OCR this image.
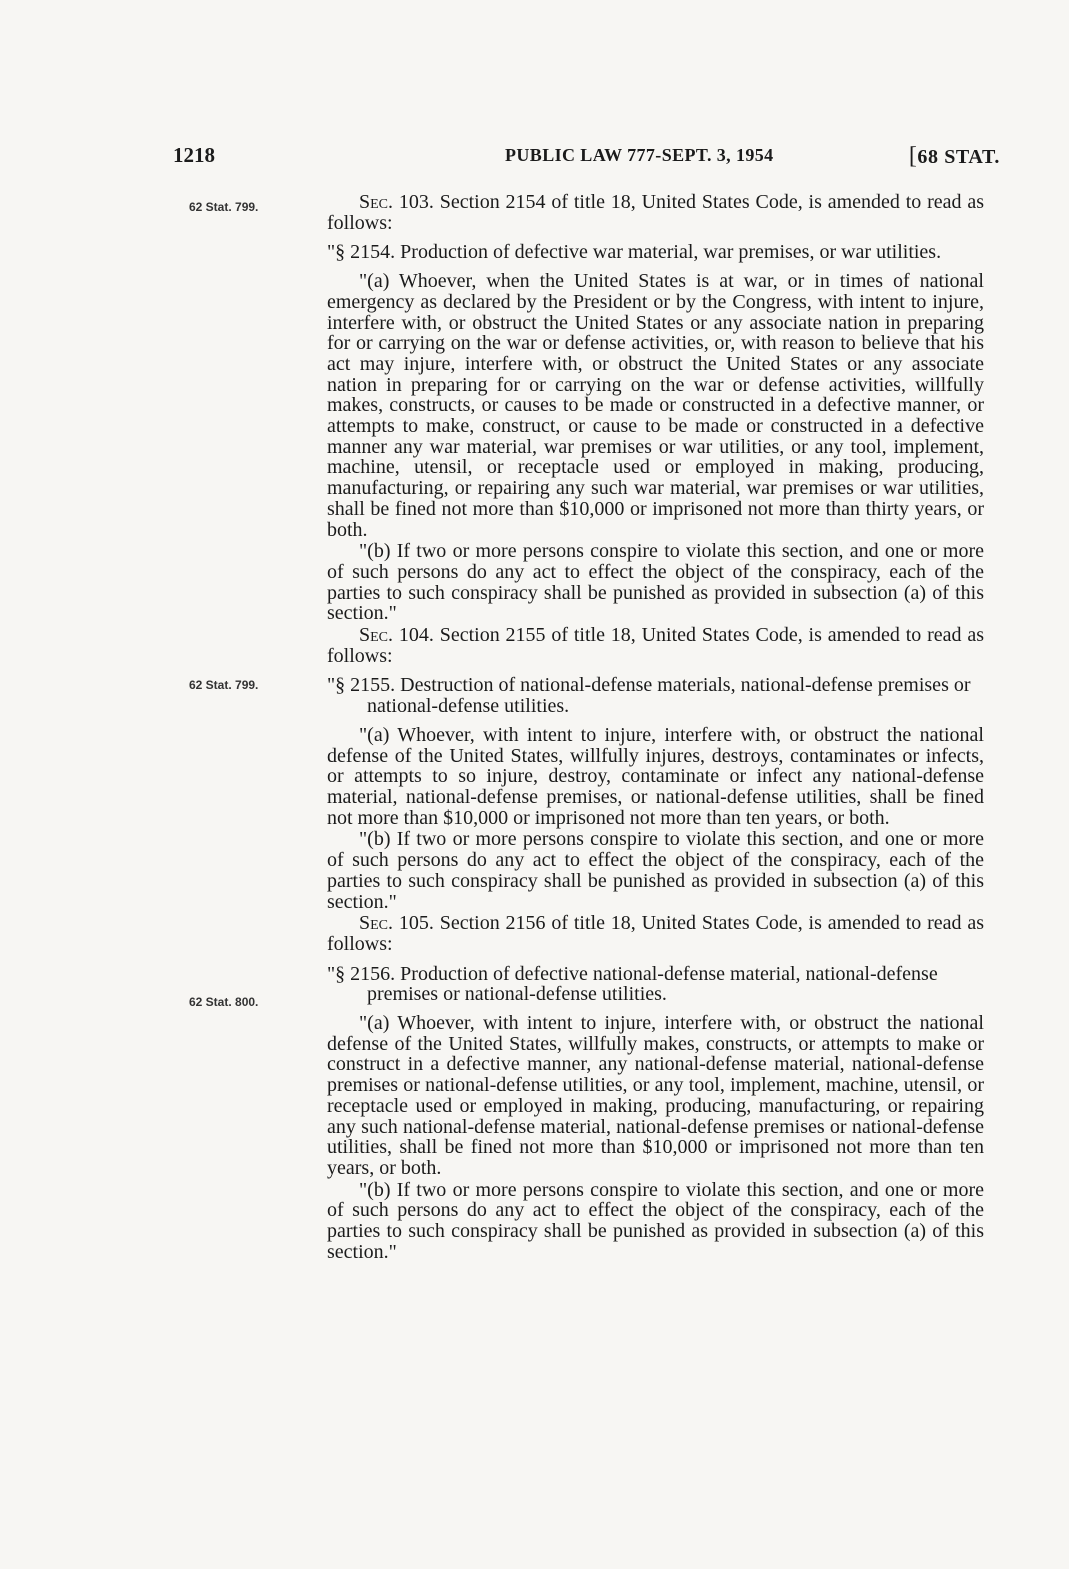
1218	PUBLIC LAW 777-SEPT. 3, 1954	[68 STAT.
62 Stat. 799.
62 Stat. 799.
62 Stat. 800.

Sec. 103. Section 2154 of title 18, United States Code, is amended to read as follows:

"§ 2154. Production of defective war material, war premises, or war utilities.

"(a) Whoever, when the United States is at war, or in times of national emergency as declared by the President or by the Congress, with intent to injure, interfere with, or obstruct the United States or any associate nation in preparing for or carrying on the war or defense activities, or, with reason to believe that his act may injure, interfere with, or obstruct the United States or any associate nation in preparing for or carrying on the war or defense activities, willfully makes, constructs, or causes to be made or constructed in a defective manner, or attempts to make, construct, or cause to be made or constructed in a defective manner any war material, war premises or war utilities, or any tool, implement, machine, utensil, or receptacle used or employed in making, producing, manufacturing, or repairing any such war material, war premises or war utilities, shall be fined not more than $10,000 or imprisoned not more than thirty years, or both.

"(b) If two or more persons conspire to violate this section, and one or more of such persons do any act to effect the object of the conspiracy, each of the parties to such conspiracy shall be punished as provided in subsection (a) of this section."

Sec. 104. Section 2155 of title 18, United States Code, is amended to read as follows:

"§ 2155. Destruction of national-defense materials, national-defense premises or national-defense utilities.

"(a) Whoever, with intent to injure, interfere with, or obstruct the national defense of the United States, willfully injures, destroys, contaminates or infects, or attempts to so injure, destroy, contaminate or infect any national-defense material, national-defense premises, or national-defense utilities, shall be fined not more than $10,000 or imprisoned not more than ten years, or both.

"(b) If two or more persons conspire to violate this section, and one or more of such persons do any act to effect the object of the conspiracy, each of the parties to such conspiracy shall be punished as provided in subsection (a) of this section."

Sec. 105. Section 2156 of title 18, United States Code, is amended to read as follows:

"§ 2156. Production of defective national-defense material, national-defense premises or national-defense utilities.

"(a) Whoever, with intent to injure, interfere with, or obstruct the national defense of the United States, willfully makes, constructs, or attempts to make or construct in a defective manner, any national-defense material, national-defense premises or national-defense utilities, or any tool, implement, machine, utensil, or receptacle used or employed in making, producing, manufacturing, or repairing any such national-defense material, national-defense premises or national-defense utilities, shall be fined not more than $10,000 or imprisoned not more than ten years, or both.

"(b) If two or more persons conspire to violate this section, and one or more of such persons do any act to effect the object of the conspiracy, each of the parties to such conspiracy shall be punished as provided in subsection (a) of this section."
